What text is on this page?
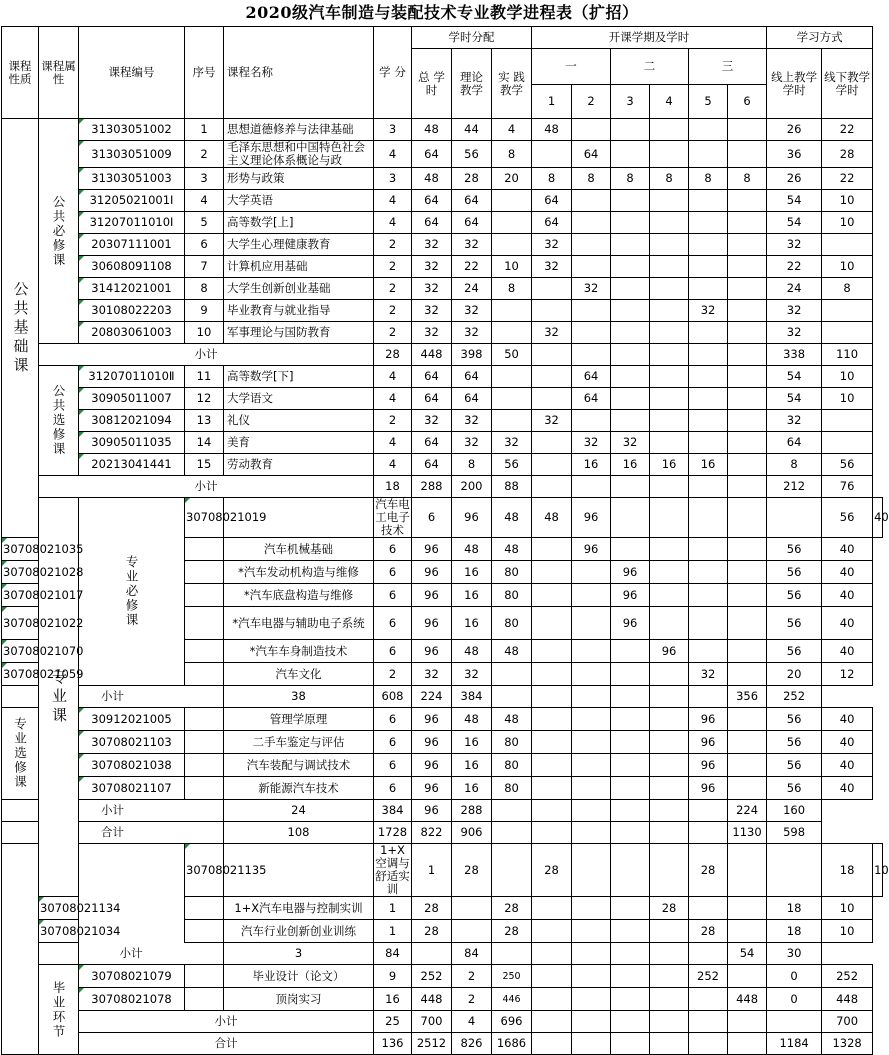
2020级汽车制造与装配技术专业教学进程表（扩招）
课程性质	课程属性	课程编号	序号	课程名称	学 分	学时分配			开课学期及学时						学习方式		
						总 学时	理论 教学	实 践 教学	一		二		三		线上教学学时	线下教学学时	

									1	2	3	4	5	6			
公共基础课	公共必修课	31303051002	1	思想道德修养与法律基础	3	48	44	4	48						26	22	
		31303051009	2	毛泽东思想和中国特色社会主义理论体系概论与政	4	64	56	8		64					36	28	
		31303051003	3	形势与政策	3	48	28	20	8	8	8	8	8	8	26	22	
		31205021001Ⅰ	4	大学英语	4	64	64		64						54	10	
		31207011010Ⅰ	5	高等数学[上]	4	64	64		64						54	10	
		20307111001	6	大学生心理健康教育	2	32	32		32						32		
		30608091108	7	计算机应用基础	2	32	22	10	32						22	10	
		31412021001	8	大学生创新创业基础	2	32	24	8		32					24	8	
		30108022203	9	毕业教育与就业指导	2	32	32						32		32		
		20803061003	10	军事理论与国防教育	2	32	32		32						32		
	小计				28	448	398	50							338	110	
	公共选修课	31207011010Ⅱ	11	高等数学[下]	4	64	64			64					54	10	
		30905011007	12	大学语文	4	64	64			64					54	10	
		30812021094	13	礼仪	2	32	32		32						32		
		30905011035	14	美育	4	64	32	32		32	32				64		
		20213041441	15	劳动教育	4	64	8	56		16	16	16	16		8	56	
	小计				18	288	200	88							212	76	
	专业课	专业必修课	30708021019		汽车电工电子技术	6	96	48	48	96						56	40
30708021035				汽车机械基础	6	96	48	48		96					56	40	
30708021028				*汽车发动机构造与维修	6	96	16	80			96				56	40	
30708021017				*汽车底盘构造与维修	6	96	16	80			96				56	40	
30708021022				*汽车电器与辅助电子系统	6	96	16	80			96				56	40	
30708021070				*汽车车身制造技术	6	96	48	48				96			56	40	
30708021059				汽车文化	2	32	32						32		20	12	
小计				38	608	224	384							356	252		
专业选修课		30912021005		管理学原理	6	96	48	48					96		56	40	
		30708021103		二手车鉴定与评估	6	96	16	80					96		56	40	
		30708021038		汽车装配与调试技术	6	96	16	80					96		56	40	
		30708021107		新能源汽车技术	6	96	16	80					96		56	40	
小计				24	384	96	288							224	160		
合计				108	1728	822	906							1130	598		
			30708021135		1+X空调与舒适实训	1	28		28				28			18	10
	30708021134			1+X汽车电器与控制实训	1	28		28				28			18	10	
	30708021034			汽车行业创新创业训练	1	28		28					28		18	10	
	小计			3	84		84							54	30		
	毕业环节	30708021079		毕业设计（论文）	9	252	2	250					252		0	252	
		30708021078		顶岗实习	16	448	2	446						448	0	448	
		小计			25	700	4	696								700	
		合计			136	2512	826	1686							1184	1328	
